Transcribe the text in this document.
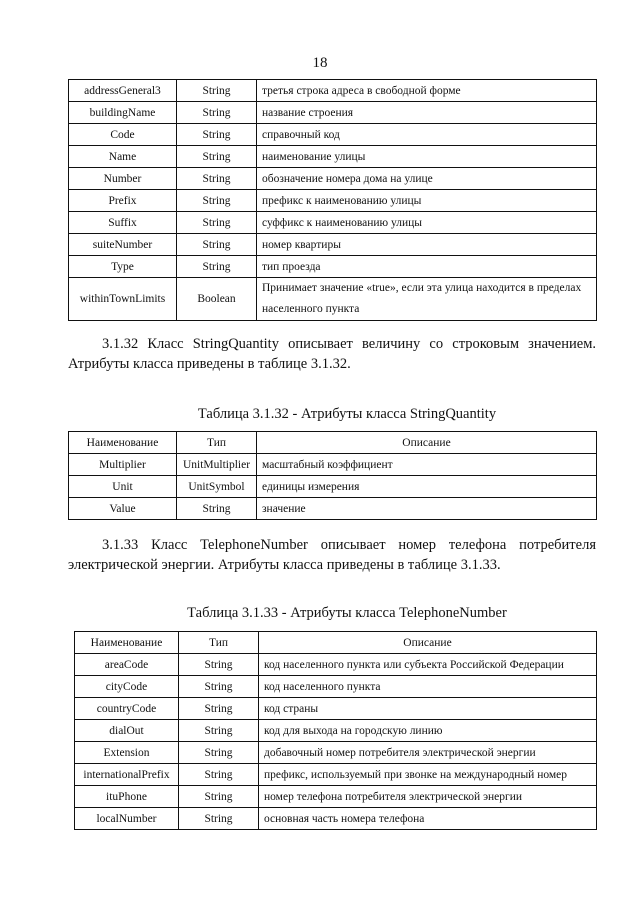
18
addressGeneral3	String	третья строка адреса в свободной форме
buildingName	String	название строения
Code	String	справочный код
Name	String	наименование улицы
Number	String	обозначение номера дома на улице
Prefix	String	префикс к наименованию улицы
Suffix	String	суффикс к наименованию улицы
suiteNumber	String	номер квартиры
Type	String	тип проезда
withinTownLimits	Boolean	Принимает значение «true», если эта улица находится в пределах населенного пункта
3.1.32 Класс StringQuantity описывает величину со строковым значением.
Атрибуты класса приведены в таблице 3.1.32.
Таблица 3.1.32 - Атрибуты класса StringQuantity
Наименование	Тип	Описание
Multiplier	UnitMultiplier	масштабный коэффициент
Unit	UnitSymbol	единицы измерения
Value	String	значение
3.1.33 Класс TelephoneNumber описывает номер телефона потребителя
электрической энергии. Атрибуты класса приведены в таблице 3.1.33.
Таблица 3.1.33 - Атрибуты класса TelephoneNumber
Наименование	Тип	Описание
areaCode	String	код населенного пункта или субъекта Российской Федерации
cityCode	String	код населенного пункта
countryCode	String	код страны
dialOut	String	код для выхода на городскую линию
Extension	String	добавочный номер потребителя электрической энергии
internationalPrefix	String	префикс, используемый при звонке на международный номер
ituPhone	String	номер телефона потребителя электрической энергии
localNumber	String	основная часть номера телефона
